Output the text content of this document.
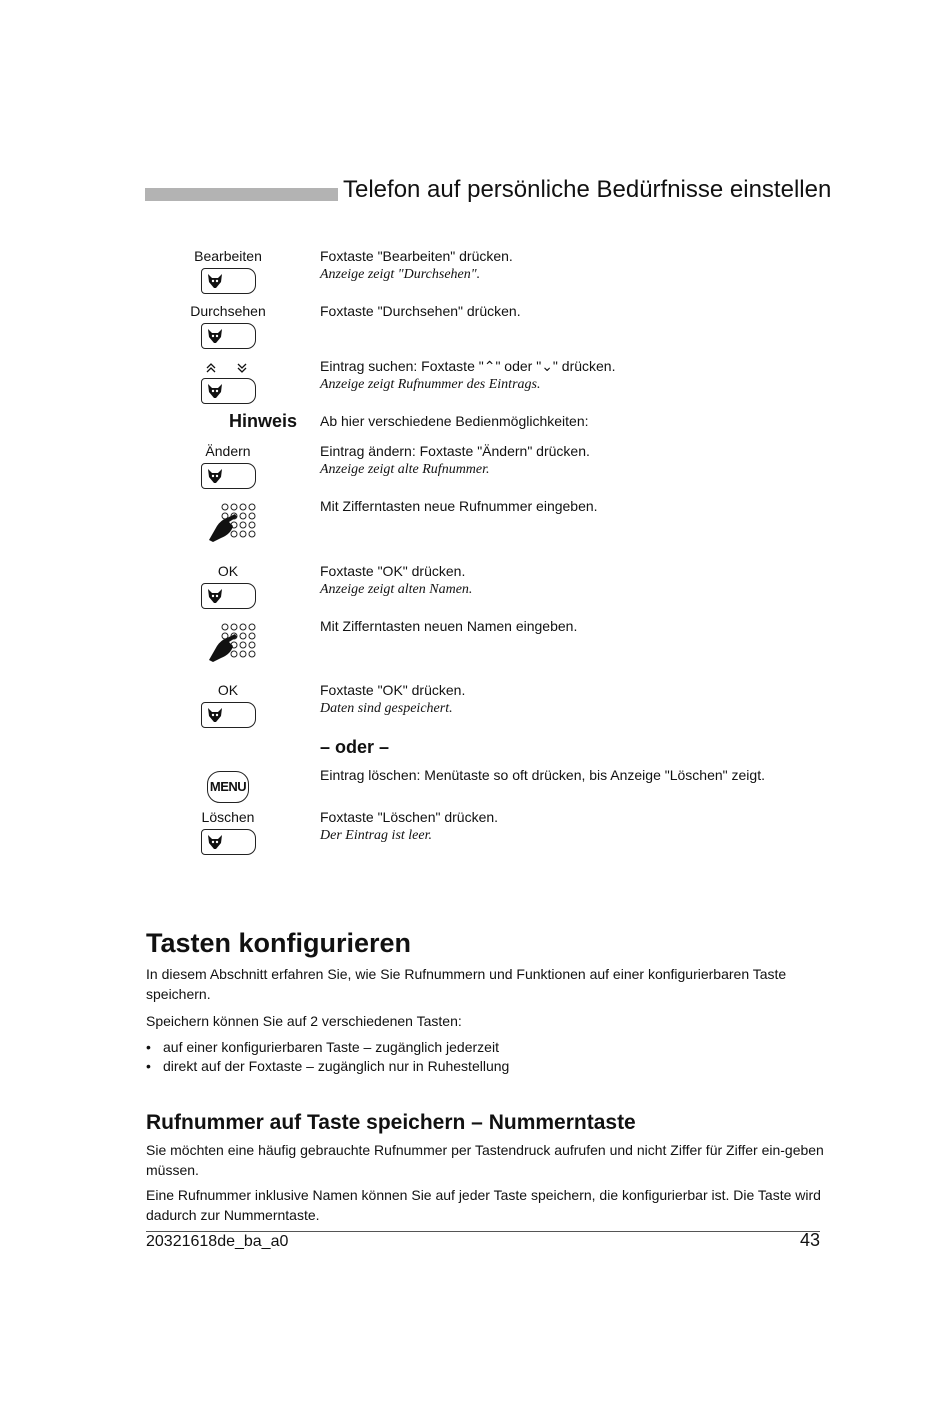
Telefon auf persönliche Bedürfnisse einstellen
Bearbeiten	Foxtaste "Bearbeiten" drücken.
Anzeige zeigt "Durchsehen".
Durchsehen	Foxtaste "Durchsehen" drücken.
Eintrag suchen: Foxtaste "⌃" oder "⌄" drücken.
Anzeige zeigt Rufnummer des Eintrags.
Hinweis Ab hier verschiedene Bedienmöglichkeiten:
Ändern	Eintrag ändern: Foxtaste "Ändern" drücken.
Anzeige zeigt alte Rufnummer.
Mit Zifferntasten neue Rufnummer eingeben.
OK	Foxtaste "OK" drücken.
Anzeige zeigt alten Namen.
Mit Zifferntasten neuen Namen eingeben.
OK	Foxtaste "OK" drücken.
Daten sind gespeichert.
– oder –
MENU
Eintrag löschen: Menütaste so oft drücken, bis Anzeige "Löschen" zeigt.
Löschen	Foxtaste "Löschen" drücken.
Der Eintrag ist leer.
Tasten konfigurieren
In diesem Abschnitt erfahren Sie, wie Sie Rufnummern und Funktionen auf einer konfigurierbaren Taste speichern.
Speichern können Sie auf 2 verschiedenen Tasten:
• auf einer konfigurierbaren Taste – zugänglich jederzeit
• direkt auf der Foxtaste – zugänglich nur in Ruhestellung
Rufnummer auf Taste speichern – Nummerntaste
Sie möchten eine häufig gebrauchte Rufnummer per Tastendruck aufrufen und nicht Ziffer für Ziffer ein-geben müssen.
Eine Rufnummer inklusive Namen können Sie auf jeder Taste speichern, die konfigurierbar ist. Die Taste wird dadurch zur Nummerntaste.
20321618de_ba_a0	43
